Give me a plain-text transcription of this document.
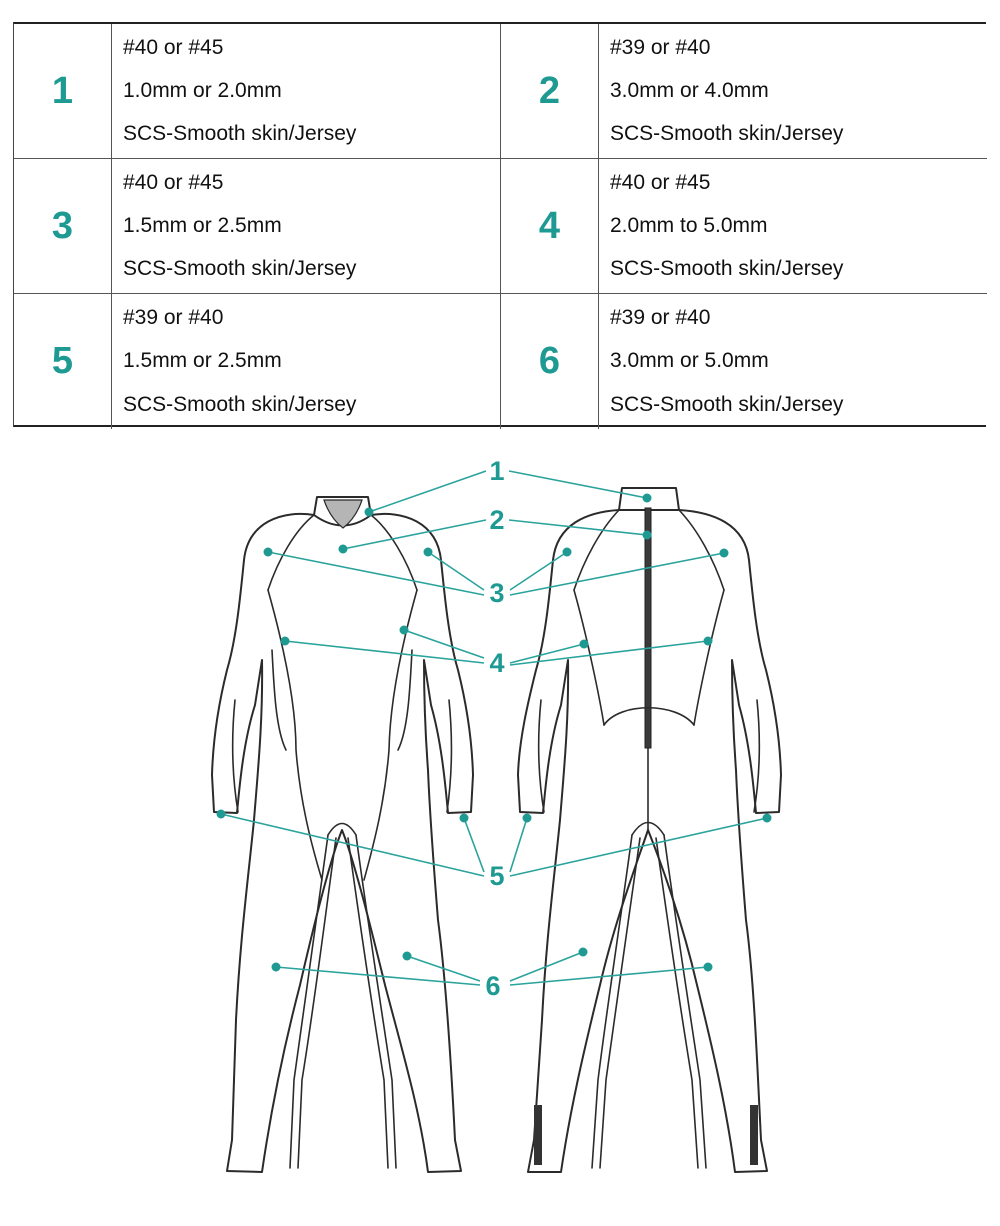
1
#40 or #45
1.0mm or 2.0mm
SCS-Smooth skin/Jersey
2
#39 or #40
3.0mm or 4.0mm
SCS-Smooth skin/Jersey
3
#40 or #45
1.5mm or 2.5mm
SCS-Smooth skin/Jersey
4
#40 or #45
2.0mm to 5.0mm
SCS-Smooth skin/Jersey
5
#39 or #40
1.5mm or 2.5mm
SCS-Smooth skin/Jersey
6
#39 or #40
3.0mm or 5.0mm
SCS-Smooth skin/Jersey
1
2
3
4
5
6
